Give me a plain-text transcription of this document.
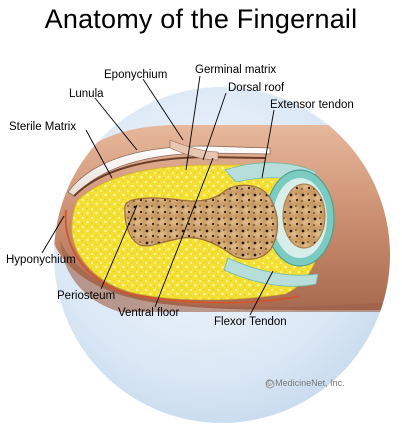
Anatomy of the Fingernail
Eponychium Germinal matrix
Dorsal roof
Extensor tendon
Lunula
Sterile Matrix
Hyponychium
Periosteum
Ventral floor
Flexor Tendon
© MedicineNet, Inc.
